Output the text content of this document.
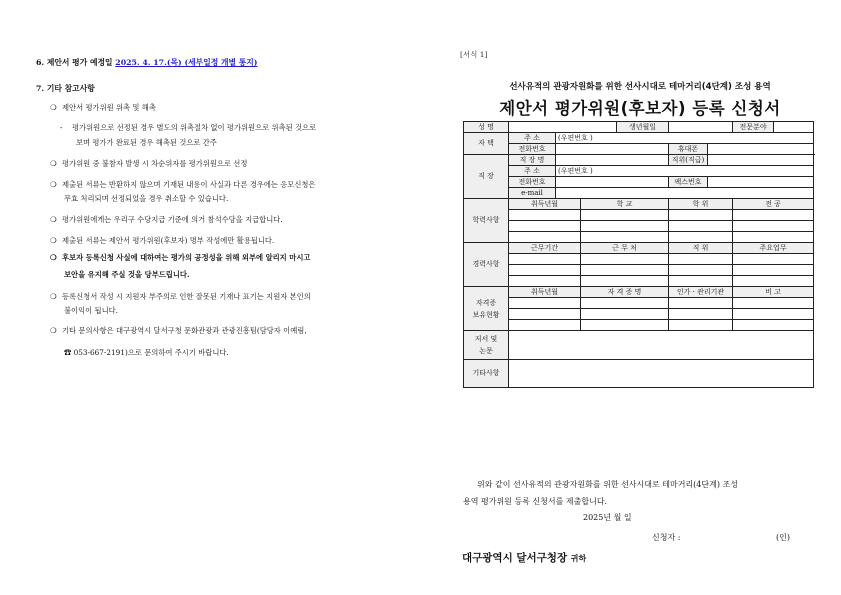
6. 제안서 평가 예정일 2025. 4. 17.(목) (세부일정 개별 통지)
7. 기타 참고사항
❍ 제안서 평가위원 위촉 및 해촉
- 평가위원으로 선정된 경우 별도의 위촉절차 없이 평가위원으로 위촉된 것으로
보며 평가가 완료된 경우 해촉된 것으로 간주
❍ 평가위원 중 불참자 발생 시 차순위자를 평가위원으로 선정
❍ 제출된 서류는 반환하지 않으며 기재된 내용이 사실과 다른 경우에는 응모신청은
무효 처리되며 선정되었을 경우 취소할 수 있습니다.
❍ 평가위원에게는 우리구 수당지급 기준에 의거 참석수당을 지급합니다.
❍ 제출된 서류는 제안서 평가위원(후보자) 명부 작성에만 활용됩니다.
❍ 후보자 등록신청 사실에 대하여는 평가의 공정성을 위해 외부에 알리지 마시고
보안을 유지해 주실 것을 당부드립니다.
❍ 등록신청서 작성 시 지원자 부주의로 인한 잘못된 기재나 표기는 지원자 본인의
불이익이 됩니다.
❍ 기타 문의사항은 대구광역시 달서구청 문화관광과 관광진흥팀(담당자 이예림,
☎ 053-667-2191)으로 문의하여 주시기 바랍니다.
[서식 1]
선사유적의 관광자원화를 위한 선사시대로 테마거리(4단계) 조성 용역
제안서 평가위원(후보자) 등록 신청서
성 명				생년월일			전문분야	
자 택	주 소	(우편번호 )						
	전화번호				휴대폰			
직 장	직 장 명				직위(직급)			
	주 소	(우편번호 )						
	전화번호				팩스번호			
	e-mail							
학력사항	취득년월		학 교		학 위		전 공	

경력사항	근무기간		근 무 처		직 위		주요업무	

자격증
보유현황	취득년월		자 격 증 명		인가 · 관리기관		비 고	

저서 및
논문								

기타사항								
위와 같이 선사유적의 관광자원화를 위한 선사시대로 테마거리(4단계) 조성
용역 평가위원 등록 신청서를 제출합니다.
2025년 월 일
신청자 :	(인)
대구광역시 달서구청장 귀하
